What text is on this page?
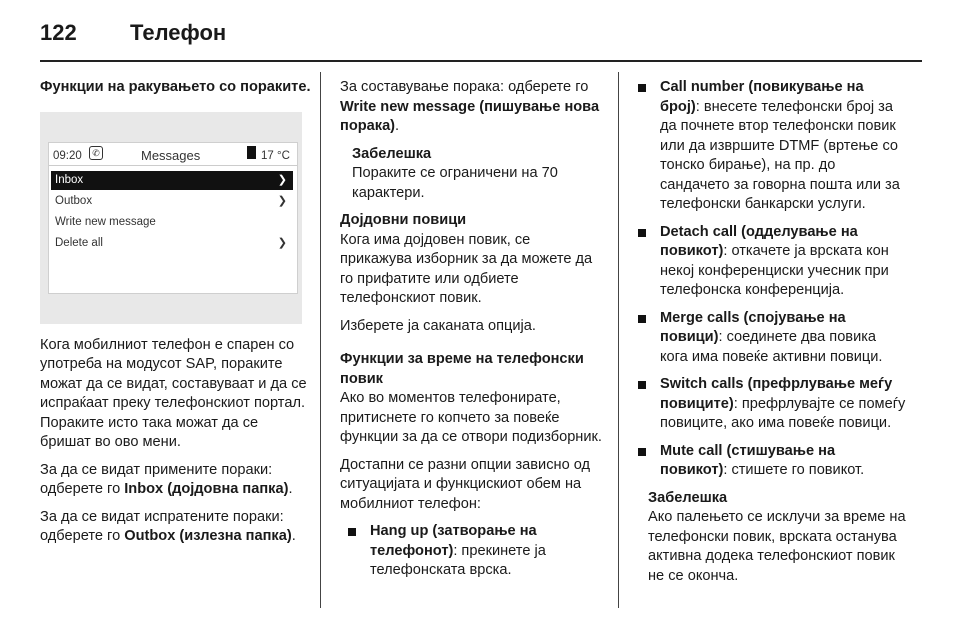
122 Телефон

Функции на ракувањето со пораките.

09:20	✆	Messages	17 °C
Inbox	❯
Outbox	❯
Write new message
Delete all	❯

Кога мобилниот телефон е спарен со употреба на модусот SAP, пораките можат да се видат, составуваат и да се испраќаат преку телефонскиот портал. Пораките исто така можат да се бришат во ово мени.

За да се видат примените пораки: одберете го Inbox (дојдовна папка).

За да се видат испратените пораки: одберете го Outbox (излезна папка).

За составување порака: одберете го Write new message (пишување нова порака).

Забелешка

Пораките се ограничени на 70 карактери.

Дојдовни повици

Кога има дојдовен повик, се прикажува изборник за да можете да го прифатите или одбиете телефонскиот повик.

Изберете ја саканата опција.

Функции за време на телефонски повик

Ако во моментов телефонирате, притиснете го копчето за повеќе функции за да се отвори подизборник.

Достапни се разни опции зависно од ситуацијата и функцискиот обем на мобилниот телефон:

Hang up (затворање на телефонот): прекинете ја телефонската врска.
Call number (повикување на број): внесете телефонски број за да почнете втор телефонски повик или да извршите DTMF (вртење со тонско бирање), на пр. до сандачето за говорна пошта или за телефонски банкарски услуги.
Detach call (одделување на повикот): откачете ја врската кон некој конференциски учесник при телефонска конференција.
Merge calls (спојување на повици): соединете два повика кога има повеќе активни повици.
Switch calls (префрлување меѓу повиците): префрлувајте се помеѓу повиците, ако има повеќе повици.
Mute call (стишување на повикот): стишете го повикот.

Забелешка

Ако палењето се исклучи за време на телефонски повик, врската останува активна додека телефонскиот повик не се оконча.
